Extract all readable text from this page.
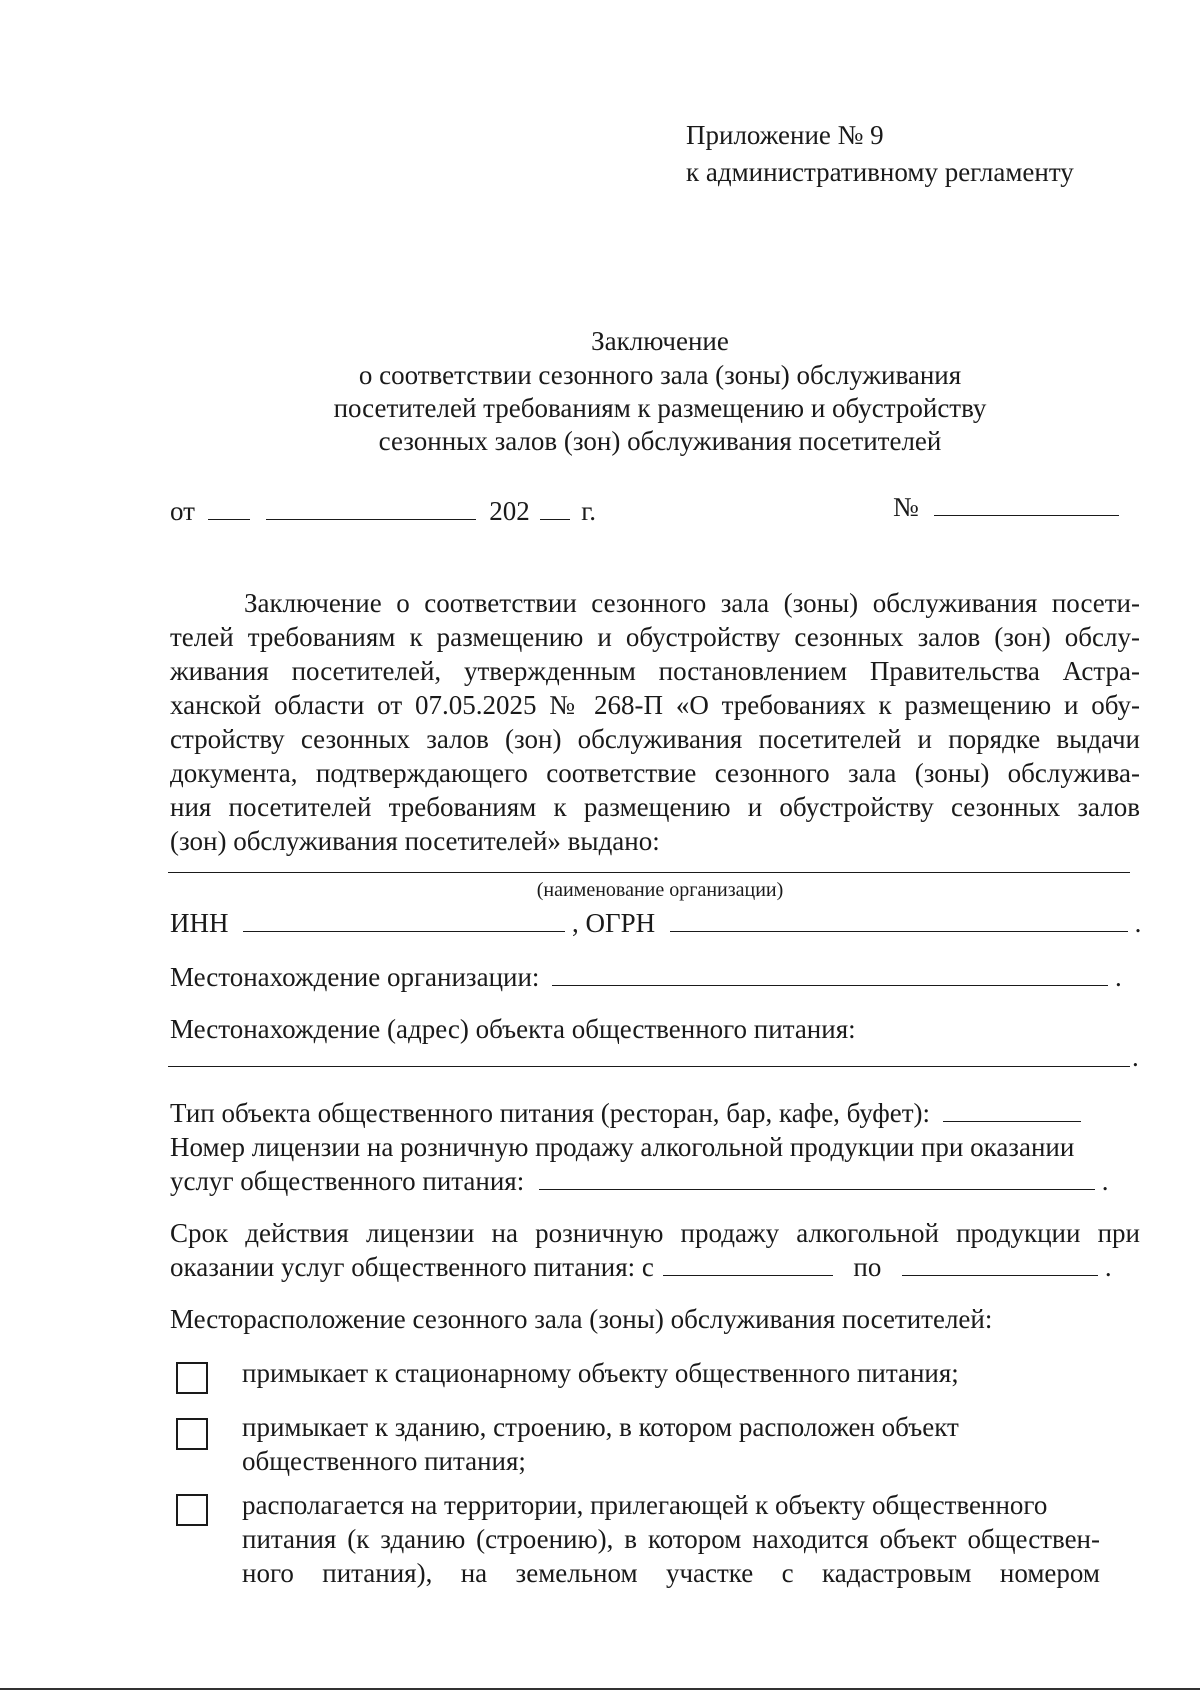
Приложение № 9
к административному регламенту
Заключение
о соответствии сезонного зала (зоны) обслуживания
посетителей требованиям к размещению и обустройству
сезонных залов (зон) обслуживания посетителей
от	202 г.	№
Заключение о соответствии сезонного зала (зоны) обслуживания посети-
телей требованиям к размещению и обустройству сезонных залов (зон) обслу-
живания посетителей, утвержденным постановлением Правительства Астра-
ханской области от 07.05.2025 № 268-П «О требованиях к размещению и обу-
стройству сезонных залов (зон) обслуживания посетителей и порядке выдачи
документа, подтверждающего соответствие сезонного зала (зоны) обслужива-
ния посетителей требованиям к размещению и обустройству сезонных залов
(зон) обслуживания посетителей» выдано:
(наименование организации)
ИНН	, ОГРН	.
Местонахождение организации:	.
Местонахождение (адрес) объекта общественного питания:
.
Тип объекта общественного питания (ресторан, бар, кафе, буфет):
Номер лицензии на розничную продажу алкогольной продукции при оказании
услуг общественного питания:	.
Срок действия лицензии на розничную продажу алкогольной продукции при
оказании услуг общественного питания: с	по	.
Месторасположение сезонного зала (зоны) обслуживания посетителей:
примыкает к стационарному объекту общественного питания;
примыкает к зданию, строению, в котором расположен объект
общественного питания;
располагается на территории, прилегающей к объекту общественного
питания (к зданию (строению), в котором находится объект обществен-
ного питания), на земельном участке с кадастровым номером
